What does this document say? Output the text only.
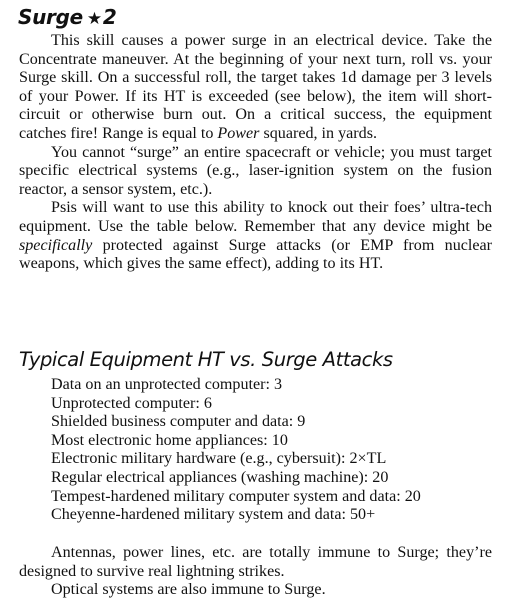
Surge ★2

This skill causes a power surge in an electrical device. Take the Concentrate maneuver. At the beginning of your next turn, roll vs. your Surge skill. On a successful roll, the target takes 1d damage per 3 levels of your Power. If its HT is exceeded (see below), the item will short-circuit or otherwise burn out. On a critical success, the equipment catches fire! Range is equal to Power squared, in yards.

You cannot “surge” an entire spacecraft or vehicle; you must target specific electrical systems (e.g., laser-ignition system on the fusion reactor, a sensor system, etc.).

Psis will want to use this ability to knock out their foes’ ultra-tech equipment. Use the table below. Remember that any device might be specifically protected against Surge attacks (or EMP from nuclear weapons, which gives the same effect), adding to its HT.

Typical Equipment HT vs. Surge Attacks
Data on an unprotected computer: 3
Unprotected computer: 6
Shielded business computer and data: 9
Most electronic home appliances: 10
Electronic military hardware (e.g., cybersuit): 2×TL
Regular electrical appliances (washing machine): 20
Tempest-hardened military computer system and data: 20
Cheyenne-hardened military system and data: 50+

Antennas, power lines, etc. are totally immune to Surge; they’re designed to survive real lightning strikes.

Optical systems are also immune to Surge.
